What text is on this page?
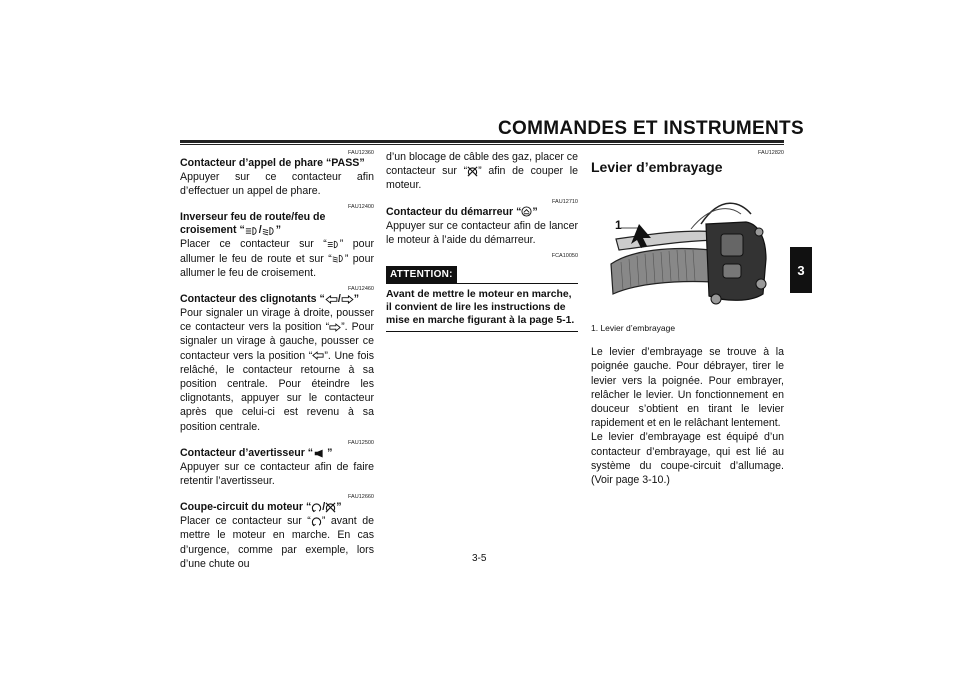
COMMANDES ET INSTRUMENTS
3
FAU12360
Contacteur d’appel de phare “PASS”
Appuyer sur ce contacteur afin d’effectuer un appel de phare.
FAU12400
Inverseur feu de route/feu de
croisement “ / ”
Placer ce contacteur sur “ ” pour allumer le feu de route et sur “ ” pour allumer le feu de croisement.
FAU12460
Contacteur des clignotants “ / ”
Pour signaler un virage à droite, pousser ce contacteur vers la position “ ”. Pour signaler un virage à gauche, pousser ce contacteur vers la position “ ”. Une fois relâché, le contacteur retourne à sa position centrale. Pour éteindre les clignotants, appuyer sur le contacteur après que celui-ci est revenu à sa position centrale.
FAU12500
Contacteur d’avertisseur “ ”
Appuyer sur ce contacteur afin de faire retentir l’avertisseur.
FAU12660
Coupe-circuit du moteur “ / ”
Placer ce contacteur sur “ ” avant de mettre le moteur en marche. En cas d’urgence, comme par exemple, lors d’une chute ou
d’un blocage de câble des gaz, placer ce contacteur sur “ ” afin de couper le moteur.
FAU12710
Contacteur du démarreur “ ”
Appuyer sur ce contacteur afin de lancer le moteur à l’aide du démarreur.
FCA10050
ATTENTION:
Avant de mettre le moteur en marche, il convient de lire les instructions de mise en marche figurant à la page 5-1.
FAU12820
Levier d’embrayage
1
1. Levier d’embrayage
Le levier d’embrayage se trouve à la poignée gauche. Pour débrayer, tirer le levier vers la poignée. Pour embrayer, relâcher le levier. Un fonctionnement en douceur s’obtient en tirant le levier rapidement et en le relâchant lentement.
Le levier d’embrayage est équipé d’un contacteur d’embrayage, qui est lié au système du coupe-circuit d’allumage. (Voir page 3-10.)
3-5
